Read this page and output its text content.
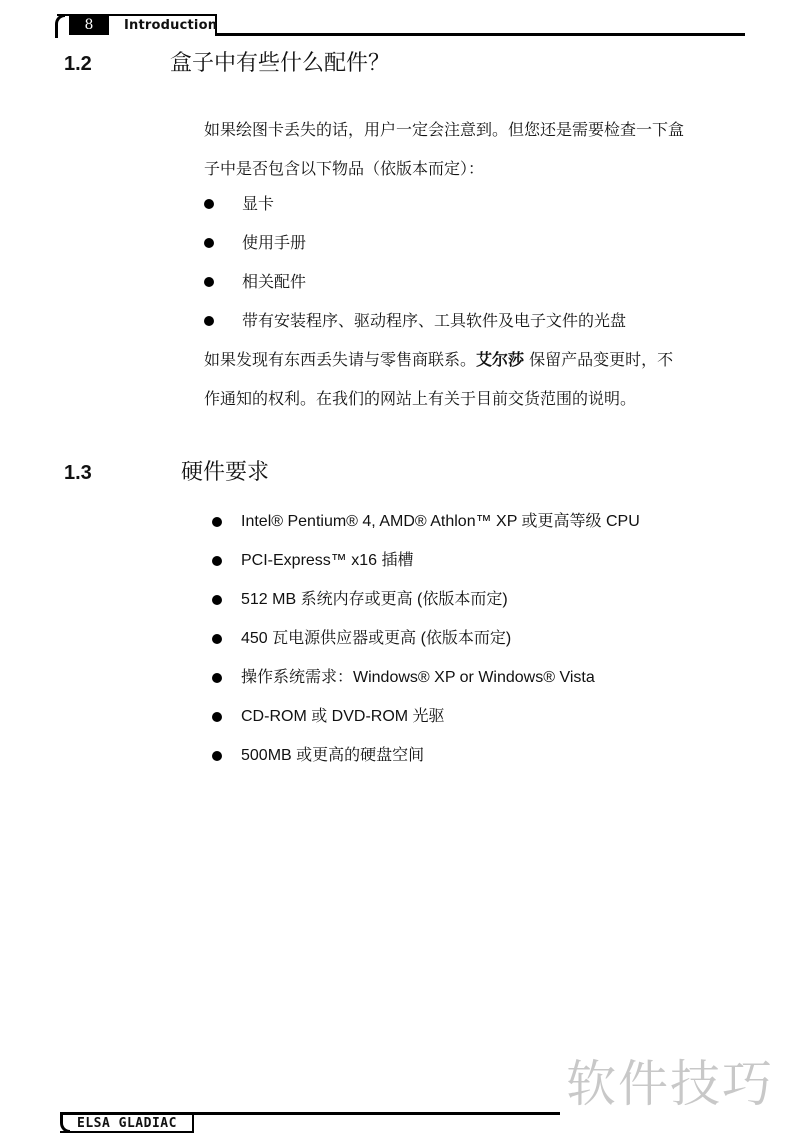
8	Introduction
1.2	盒子中有些什么配件？

如果绘图卡丢失的话，用户一定会注意到。但您还是需要检查一下盒
子中是否包含以下物品（依版本而定）：

显卡
使用手册
相关配件
带有安装程序、驱动程序、工具软件及电子文件的光盘

如果发现有东西丢失请与零售商联系。艾尔莎 保留产品变更时，不
作通知的权利。在我们的网站上有关于目前交货范围的说明。

1.3	硬件要求
Intel® Pentium® 4, AMD® Athlon™ XP 或更高等级 CPU
PCI-Express™ x16 插槽
512 MB 系统内存或更高 (依版本而定)
450 瓦电源供应器或更高 (依版本而定)
操作系统需求：Windows® XP or Windows® Vista
CD-ROM 或 DVD-ROM 光驱
500MB 或更高的硬盘空间
软件技巧
ELSA GLADIAC
